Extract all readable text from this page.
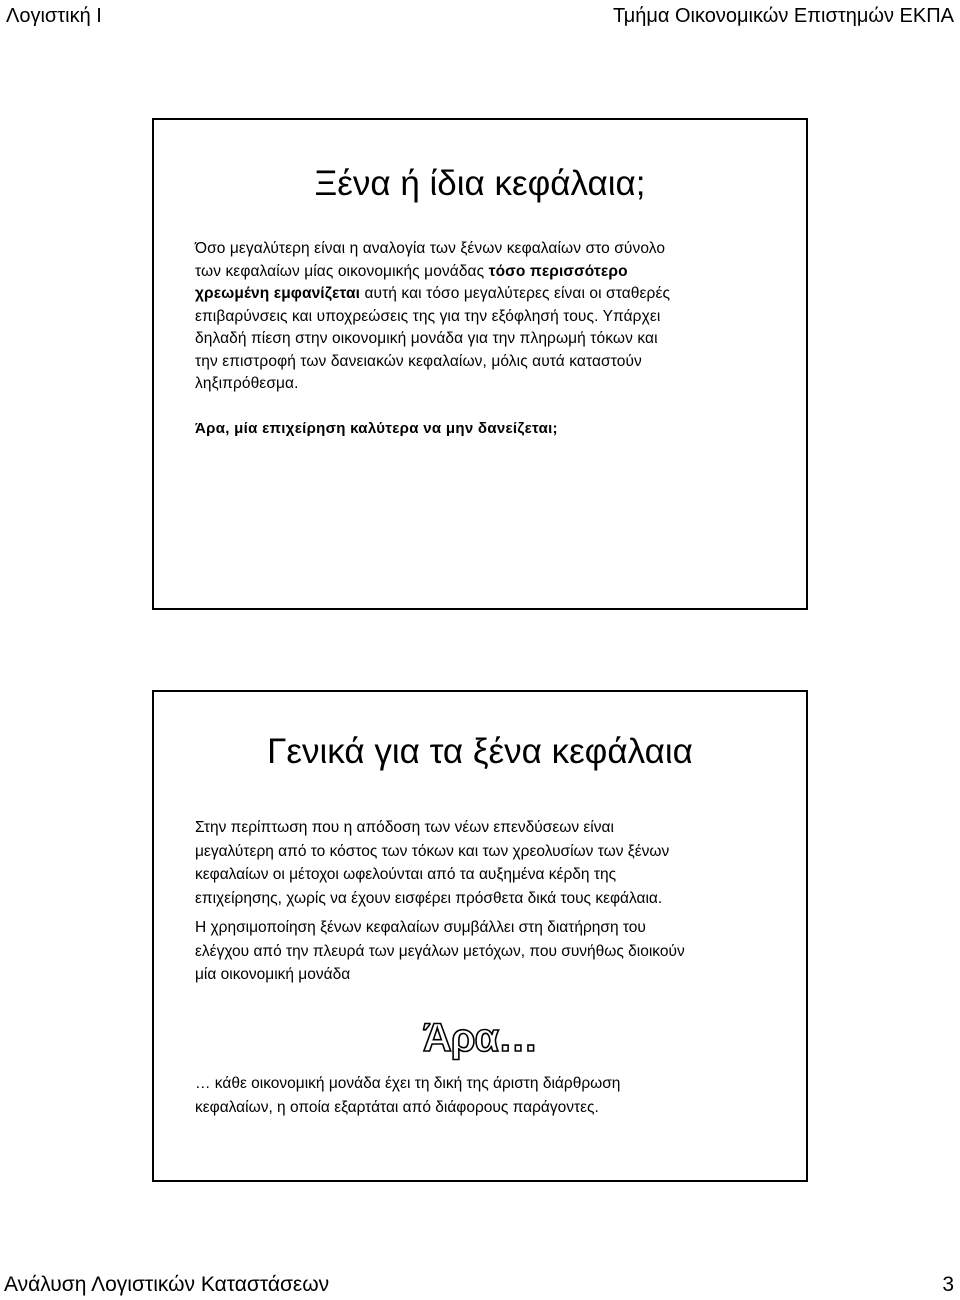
Λογιστική Ι	Τμήμα Οικονομικών Επιστημών ΕΚΠΑ
Ξένα ή ίδια κεφάλαια;
Όσο μεγαλύτερη είναι η αναλογία των ξένων κεφαλαίων στο σύνολο
των κεφαλαίων μίας οικονομικής μονάδας τόσο περισσότερο
χρεωμένη εμφανίζεται αυτή και τόσο μεγαλύτερες είναι οι σταθερές
επιβαρύνσεις και υποχρεώσεις της για την εξόφλησή τους. Υπάρχει
δηλαδή πίεση στην οικονομική μονάδα για την πληρωμή τόκων και
την επιστροφή των δανειακών κεφαλαίων, μόλις αυτά καταστούν
ληξιπρόθεσμα.
Άρα, μία επιχείρηση καλύτερα να μην δανείζεται;
Γενικά για τα ξένα κεφάλαια
Στην περίπτωση που η απόδοση των νέων επενδύσεων είναι
μεγαλύτερη από το κόστος των τόκων και των χρεολυσίων των ξένων
κεφαλαίων οι μέτοχοι ωφελούνται από τα αυξημένα κέρδη της
επιχείρησης, χωρίς να έχουν εισφέρει πρόσθετα δικά τους κεφάλαια.
Η χρησιμοποίηση ξένων κεφαλαίων συμβάλλει στη διατήρηση του
ελέγχου από την πλευρά των μεγάλων μετόχων, που συνήθως διοικούν
μία οικονομική μονάδα
Άρα…
… κάθε οικονομική μονάδα έχει τη δική της άριστη διάρθρωση
κεφαλαίων, η οποία εξαρτάται από διάφορους παράγοντες.
Ανάλυση Λογιστικών Καταστάσεων	3
